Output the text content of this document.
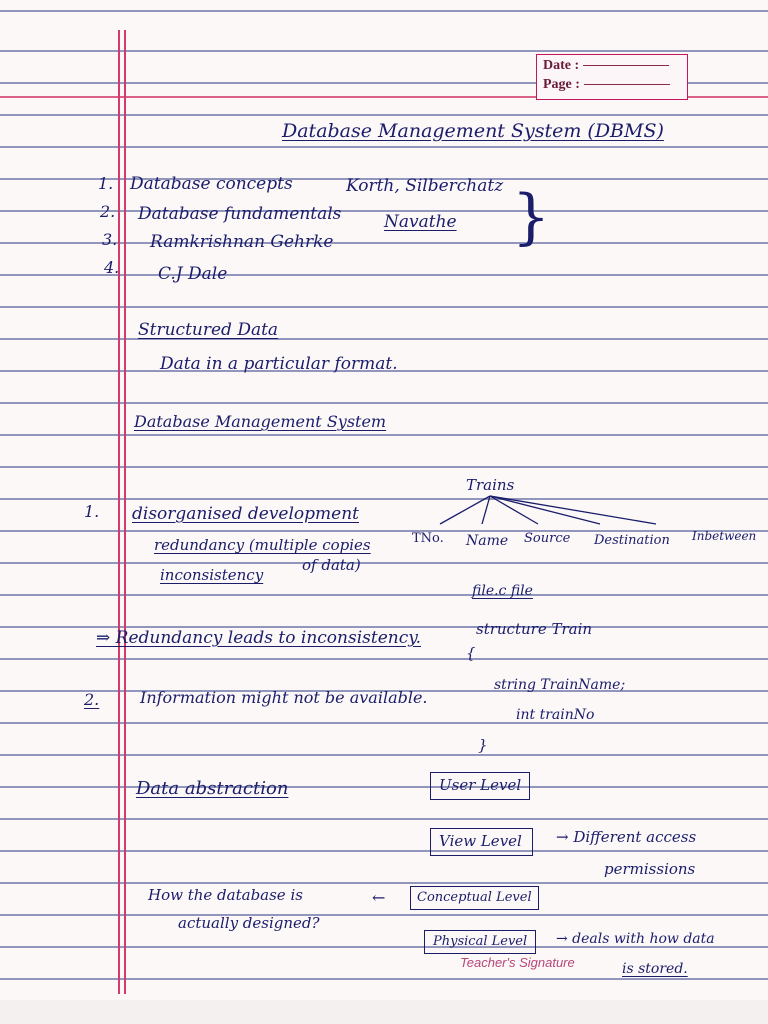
Date :
Page :
Database Management System (DBMS)
1. Database concepts	Korth, Silberchatz
2. Database fundamentals	Navathe
3. Ramkrishnan Gehrke
4. C.J Dale
}
Structured Data
Data in a particular format.
Database Management System
1. disorganised development
redundancy (multiple copies
of data)
inconsistency
⇒ Redundancy leads to inconsistency.
2.	Information might not be available.
Trains
TNo. Name Source Destination Inbetween
file.c file
structure Train
{
string TrainName;
int trainNo
}
Data abstraction	User Level
View Level	→ Different access
permissions
How the database is
actually designed?
←	Conceptual Level
Physical Level	→ deals with how data
is stored.
Teacher's Signature
